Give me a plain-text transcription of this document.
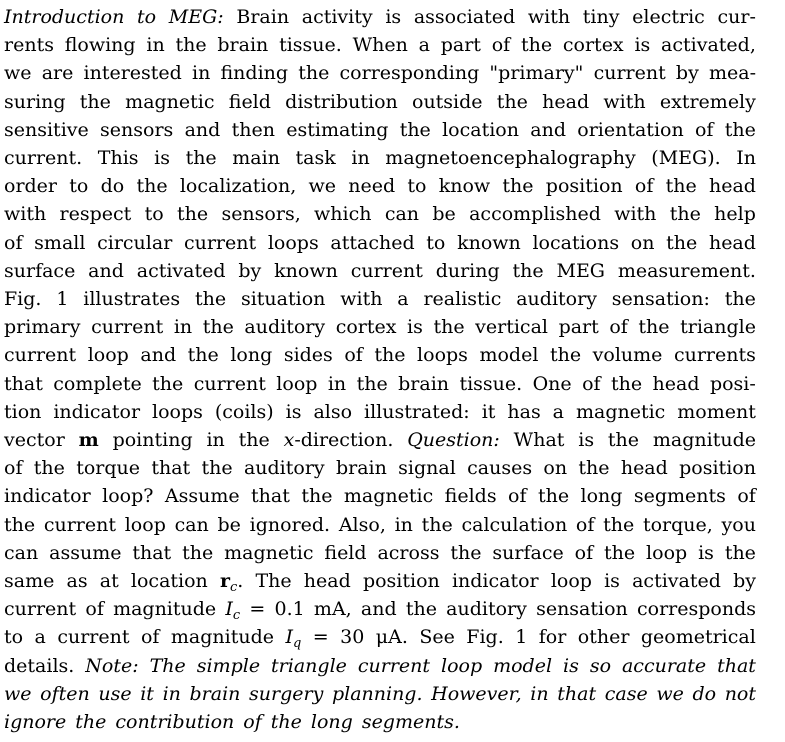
Introduction to MEG: Brain activity is associated with tiny electric cur-
rents flowing in the brain tissue. When a part of the cortex is activated,
we are interested in finding the corresponding "primary" current by mea-
suring the magnetic field distribution outside the head with extremely
sensitive sensors and then estimating the location and orientation of the
current. This is the main task in magnetoencephalography (MEG). In
order to do the localization, we need to know the position of the head
with respect to the sensors, which can be accomplished with the help
of small circular current loops attached to known locations on the head
surface and activated by known current during the MEG measurement.
Fig. 1 illustrates the situation with a realistic auditory sensation: the
primary current in the auditory cortex is the vertical part of the triangle
current loop and the long sides of the loops model the volume currents
that complete the current loop in the brain tissue. One of the head posi-
tion indicator loops (coils) is also illustrated: it has a magnetic moment
vector m pointing in the x-direction. Question: What is the magnitude
of the torque that the auditory brain signal causes on the head position
indicator loop? Assume that the magnetic fields of the long segments of
the current loop can be ignored. Also, in the calculation of the torque, you
can assume that the magnetic field across the surface of the loop is the
same as at location $r_c$. The head position indicator loop is activated by
current of magnitude $I_c = 0.1$ mA, and the auditory sensation corresponds
to a current of magnitude $I_q = 30$ μA. See Fig. 1 for other geometrical
details. Note: The simple triangle current loop model is so accurate that
we often use it in brain surgery planning. However, in that case we do not
ignore the contribution of the long segments.
